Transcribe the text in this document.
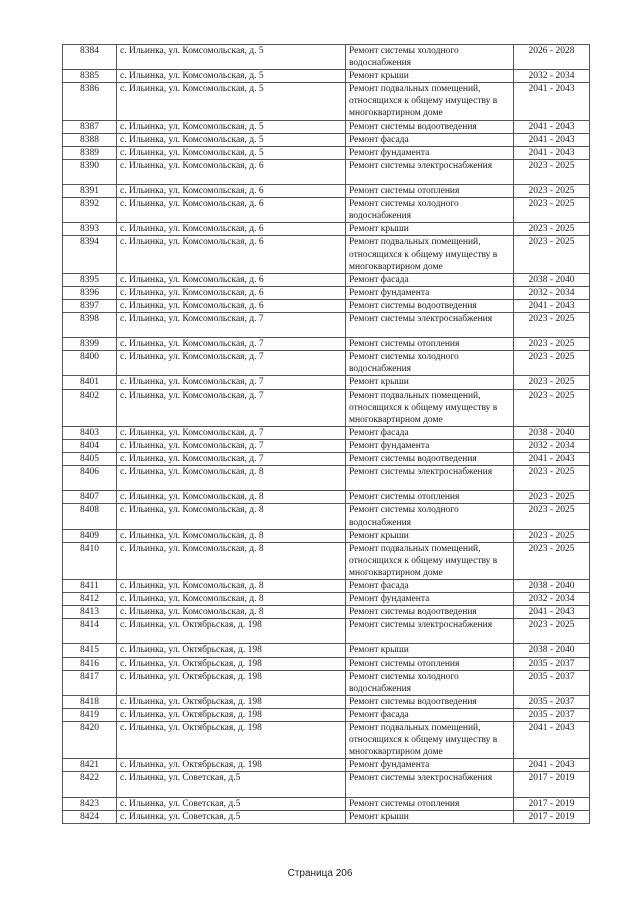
8384	с. Ильинка, ул. Комсомольская, д. 5	Ремонт системы холодного водоснабжения	2026 - 2028
8385	с. Ильинка, ул. Комсомольская, д. 5	Ремонт крыши	2032 - 2034
8386	с. Ильинка, ул. Комсомольская, д. 5	Ремонт подвальных помещений, относящихся к общему имуществу в многоквартирном доме	2041 - 2043
8387	с. Ильинка, ул. Комсомольская, д. 5	Ремонт системы водоотведения	2041 - 2043
8388	с. Ильинка, ул. Комсомольская, д. 5	Ремонт фасада	2041 - 2043
8389	с. Ильинка, ул. Комсомольская, д. 5	Ремонт фундамента	2041 - 2043
8390	с. Ильинка, ул. Комсомольская, д. 6	Ремонт системы электроснабжения	2023 - 2025
8391	с. Ильинка, ул. Комсомольская, д. 6	Ремонт системы отопления	2023 - 2025
8392	с. Ильинка, ул. Комсомольская, д. 6	Ремонт системы холодного водоснабжения	2023 - 2025
8393	с. Ильинка, ул. Комсомольская, д. 6	Ремонт крыши	2023 - 2025
8394	с. Ильинка, ул. Комсомольская, д. 6	Ремонт подвальных помещений, относящихся к общему имуществу в многоквартирном доме	2023 - 2025
8395	с. Ильинка, ул. Комсомольская, д. 6	Ремонт фасада	2038 - 2040
8396	с. Ильинка, ул. Комсомольская, д. 6	Ремонт фундамента	2032 - 2034
8397	с. Ильинка, ул. Комсомольская, д. 6	Ремонт системы водоотведения	2041 - 2043
8398	с. Ильинка, ул. Комсомольская, д. 7	Ремонт системы электроснабжения	2023 - 2025
8399	с. Ильинка, ул. Комсомольская, д. 7	Ремонт системы отопления	2023 - 2025
8400	с. Ильинка, ул. Комсомольская, д. 7	Ремонт системы холодного водоснабжения	2023 - 2025
8401	с. Ильинка, ул. Комсомольская, д. 7	Ремонт крыши	2023 - 2025
8402	с. Ильинка, ул. Комсомольская, д. 7	Ремонт подвальных помещений, относящихся к общему имуществу в многоквартирном доме	2023 - 2025
8403	с. Ильинка, ул. Комсомольская, д. 7	Ремонт фасада	2038 - 2040
8404	с. Ильинка, ул. Комсомольская, д. 7	Ремонт фундамента	2032 - 2034
8405	с. Ильинка, ул. Комсомольская, д. 7	Ремонт системы водоотведения	2041 - 2043
8406	с. Ильинка, ул. Комсомольская, д. 8	Ремонт системы электроснабжения	2023 - 2025
8407	с. Ильинка, ул. Комсомольская, д. 8	Ремонт системы отопления	2023 - 2025
8408	с. Ильинка, ул. Комсомольская, д. 8	Ремонт системы холодного водоснабжения	2023 - 2025
8409	с. Ильинка, ул. Комсомольская, д. 8	Ремонт крыши	2023 - 2025
8410	с. Ильинка, ул. Комсомольская, д. 8	Ремонт подвальных помещений, относящихся к общему имуществу в многоквартирном доме	2023 - 2025
8411	с. Ильинка, ул. Комсомольская, д. 8	Ремонт фасада	2038 - 2040
8412	с. Ильинка, ул. Комсомольская, д. 8	Ремонт фундамента	2032 - 2034
8413	с. Ильинка, ул. Комсомольская, д. 8	Ремонт системы водоотведения	2041 - 2043
8414	с. Ильинка, ул. Октябрьская, д. 198	Ремонт системы электроснабжения	2023 - 2025
8415	с. Ильинка, ул. Октябрьская, д. 198	Ремонт крыши	2038 - 2040
8416	с. Ильинка, ул. Октябрьская, д. 198	Ремонт системы отопления	2035 - 2037
8417	с. Ильинка, ул. Октябрьская, д. 198	Ремонт системы холодного водоснабжения	2035 - 2037
8418	с. Ильинка, ул. Октябрьская, д. 198	Ремонт системы водоотведения	2035 - 2037
8419	с. Ильинка, ул. Октябрьская, д. 198	Ремонт фасада	2035 - 2037
8420	с. Ильинка, ул. Октябрьская, д. 198	Ремонт подвальных помещений, относящихся к общему имуществу в многоквартирном доме	2041 - 2043
8421	с. Ильинка, ул. Октябрьская, д. 198	Ремонт фундамента	2041 - 2043
8422	с. Ильинка, ул. Советская, д.5	Ремонт системы электроснабжения	2017 - 2019
8423	с. Ильинка, ул. Советская, д.5	Ремонт системы отопления	2017 - 2019
8424	с. Ильинка, ул. Советская, д.5	Ремонт крыши	2017 - 2019
Страница 206
